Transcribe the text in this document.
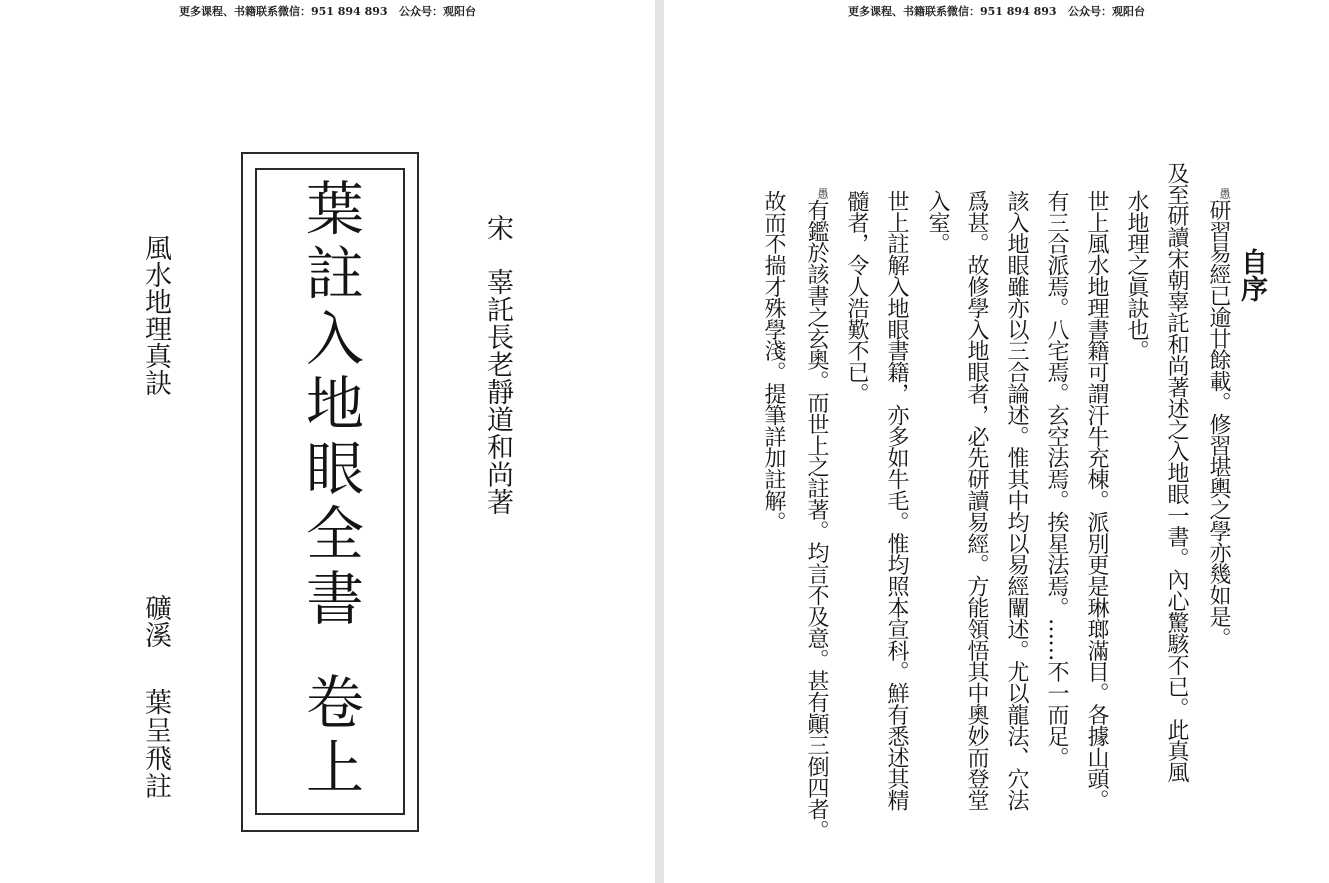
更多课程、书籍联系微信：951 894 893   公众号：观阳台
葉註入地眼全書
卷上
宋
辜託長老靜道和尚著
風水地理真訣
礦溪
葉呈飛註
更多课程、书籍联系微信：951 894 893   公众号：观阳台
自序
愚研習易經已逾廿餘載。修習堪輿之學亦幾如是。
及至研讀宋朝辜託和尚著述之入地眼一書。內心驚駭不已。此真風
水地理之眞訣也。
世上風水地理書籍可謂汗牛充棟。派別更是琳瑯滿目。各據山頭。
有三合派焉。八宅焉。玄空法焉。挨星法焉。……不一而足。
該入地眼雖亦以三合論述。惟其中均以易經闡述。尤以龍法、穴法
爲甚。故修學入地眼者，必先研讀易經。方能領悟其中奧妙而登堂
入室。
世上註解入地眼書籍，亦多如牛毛。惟均照本宣科。鮮有悉述其精
髓者，令人浩歎不已。
愚有鑑於該書之玄奧。而世上之註著。均言不及意。甚有顚三倒四者。
故而不揣才殊學淺。提筆詳加註解。
